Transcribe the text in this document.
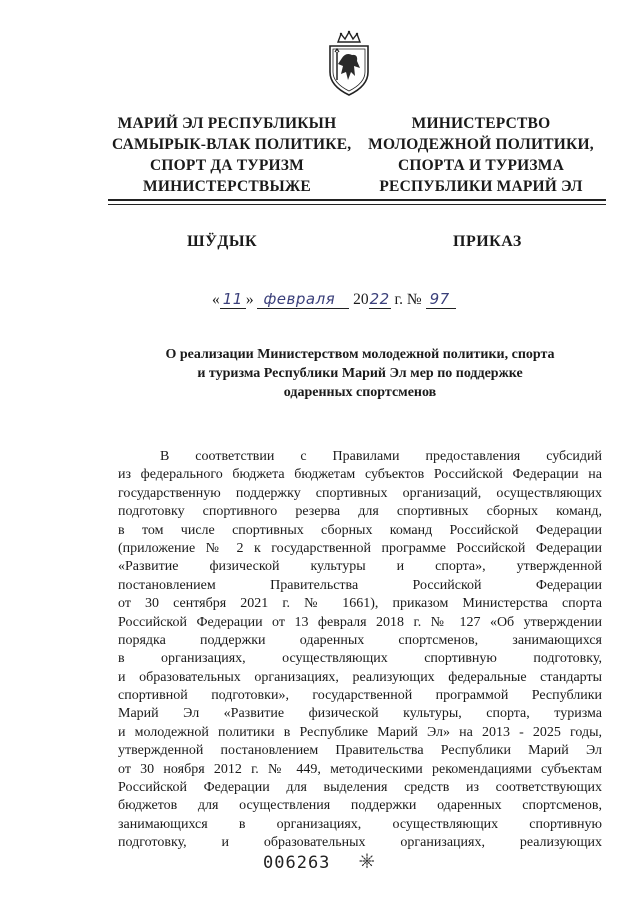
МАРИЙ ЭЛ РЕСПУБЛИКЫН
САМЫРЫК-ВЛАК ПОЛИТИКЕ,
СПОРТ ДА ТУРИЗМ
МИНИСТЕРСТВЫЖЕ
МИНИСТЕРСТВО
МОЛОДЕЖНОЙ ПОЛИТИКИ,
СПОРТА И ТУРИЗМА
РЕСПУБЛИКИ МАРИЙ ЭЛ
ШӰДЫК	ПРИКАЗ
« 11 » февраля 2022 г. № 97
О реализации Министерством молодежной политики, спорта
и туризма Республики Марий Эл мер по поддержке
одаренных спортсменов
В соответствии с Правилами предоставления субсидий
из федерального бюджета бюджетам субъектов Российской Федерации на
государственную поддержку спортивных организаций, осуществляющих
подготовку спортивного резерва для спортивных сборных команд,
в том числе спортивных сборных команд Российской Федерации
(приложение № 2 к государственной программе Российской Федерации
«Развитие физической культуры и спорта», утвержденной
постановлением Правительства Российской Федерации
от 30 сентября 2021 г. № 1661), приказом Министерства спорта
Российской Федерации от 13 февраля 2018 г. № 127 «Об утверждении
порядка поддержки одаренных спортсменов, занимающихся
в организациях, осуществляющих спортивную подготовку,
и образовательных организациях, реализующих федеральные стандарты
спортивной подготовки», государственной программой Республики
Марий Эл «Развитие физической культуры, спорта, туризма
и молодежной политики в Республике Марий Эл» на 2013 - 2025 годы,
утвержденной постановлением Правительства Республики Марий Эл
от 30 ноября 2012 г. № 449, методическими рекомендациями субъектам
Российской Федерации для выделения средств из соответствующих
бюджетов для осуществления поддержки одаренных спортсменов,
занимающихся в организациях, осуществляющих спортивную
подготовку, и образовательных организациях, реализующих
006263
